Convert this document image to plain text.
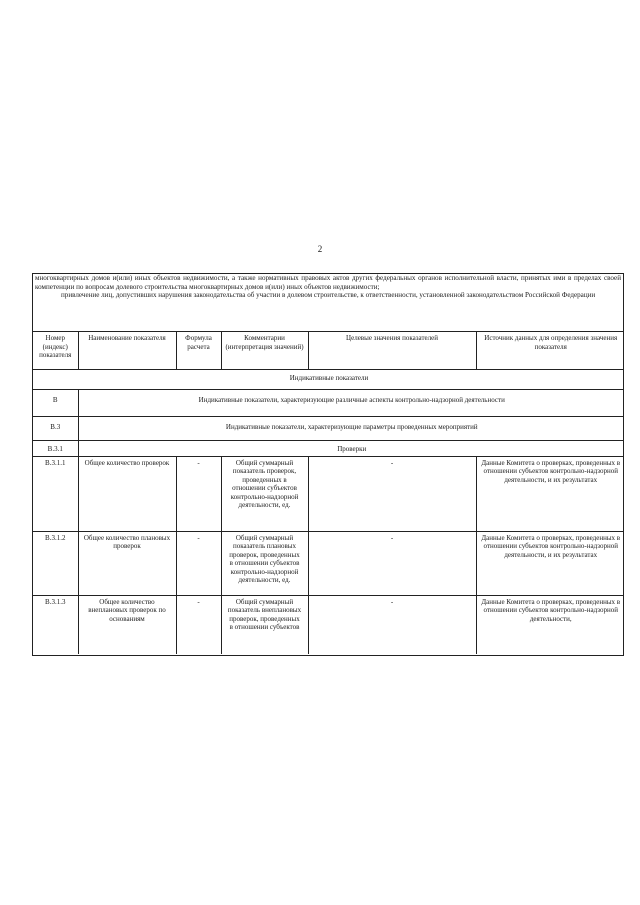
2

многоквартирных домов и(или) иных объектов недвижимости, а также нормативных правовых актов других федеральных органов исполнительной власти, принятых ими в пределах своей компетенции по вопросам долевого строительства многоквартирных домов и(или) иных объектов недвижимости;

привлечение лиц, допустивших нарушения законодательства об участии в долевом строительстве, к ответственности, установленной законодательством Российской Федерации

Номер (индекс) показателя	Наименование показателя	Формула расчета	Комментарии (интерпретация значений)	Целевые значения показателей	Источник данных для определения значения показателя
Индикативные показатели					
В	Индикативные показатели, характеризующие различные аспекты контрольно-надзорной деятельности				
В.3	Индикативные показатели, характеризующие параметры проведенных мероприятий				
В.3.1	Проверки				
В.3.1.1	Общее количество проверок	-	Общий суммарный показатель проверок, проведенных в отношении субъектов контрольно-надзорной деятельности, ед.	-	Данные Комитета о проверках, проведенных в отношении субъектов контрольно-надзорной деятельности, и их результатах
В.3.1.2	Общее количество плановых проверок	-	Общий суммарный показатель плановых проверок, проведенных в отношении субъектов контрольно-надзорной деятельности, ед.	-	Данные Комитета о проверках, проведенных в отношении субъектов контрольно-надзорной деятельности, и их результатах
В.3.1.3	Общее количество внеплановых проверок по основаниям	-	Общий суммарный показатель внеплановых проверок, проведенных в отношении субъектов	-	Данные Комитета о проверках, проведенных в отношении субъектов контрольно-надзорной деятельности,
